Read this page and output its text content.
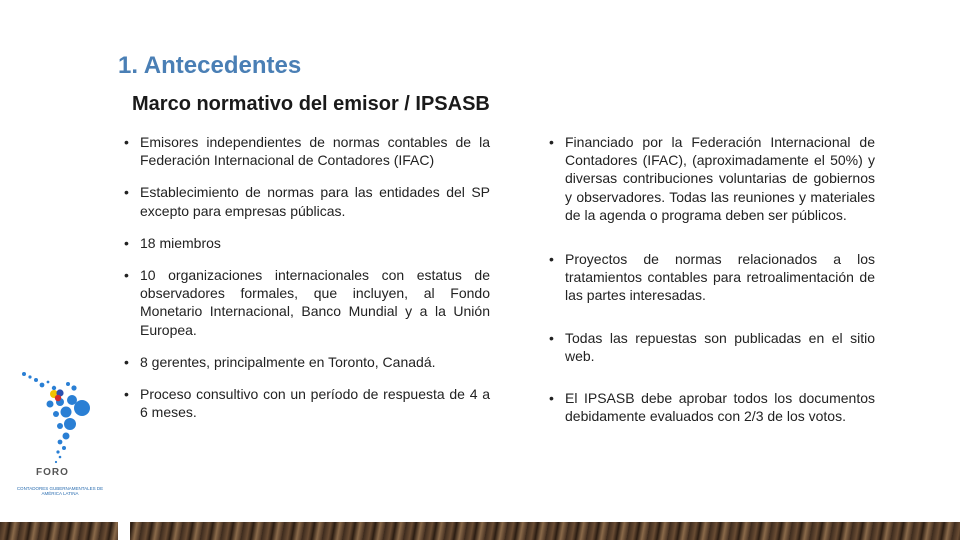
1. Antecedentes
Marco normativo del emisor / IPSASB
• Emisores independientes de normas contables de la Federación Internacional de Contadores (IFAC)
• Establecimiento de normas para las entidades del SP excepto para empresas públicas.
• 18 miembros
• 10 organizaciones internacionales con estatus de observadores formales, que incluyen, al Fondo Monetario Internacional, Banco Mundial y a la Unión Europea.
• 8 gerentes, principalmente en Toronto, Canadá.
• Proceso consultivo con un período de respuesta de 4 a 6 meses.
• Financiado por la Federación Internacional de Contadores (IFAC), (aproximadamente el 50%) y diversas contribuciones voluntarias de gobiernos y observadores. Todas las reuniones y materiales de la agenda o programa deben ser públicos.
• Proyectos de normas relacionados a los tratamientos contables para retroalimentación de las partes interesadas.
• Todas las repuestas son publicadas en el sitio web.
• El IPSASB debe aprobar todos los documentos debidamente evaluados con 2/3 de los votos.
FORO
CONTADORES GUBERNAMENTALES DE AMÉRICA LATINA
